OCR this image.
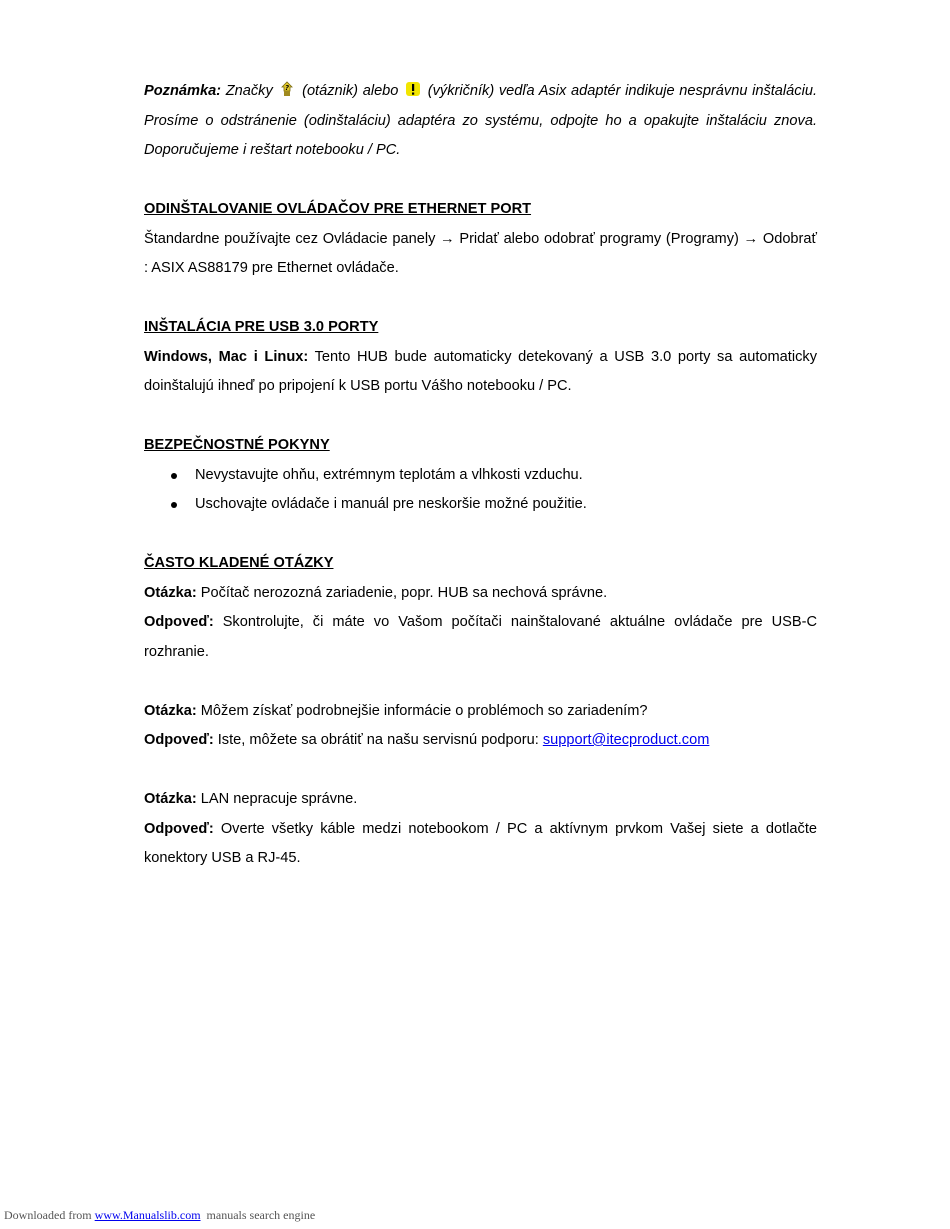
Poznámka: Značky ? (otáznik) alebo  (výkričník) vedľa Asix adaptér indikuje nesprávnu inštaláciu. Prosíme o odstránenie (odinštaláciu) adaptéra zo systému, odpojte ho a opakujte inštaláciu znova. Doporučujeme i reštart notebooku / PC.

ODINŠTALOVANIE OVLÁDAČOV PRE ETHERNET PORT

Štandardne používajte cez Ovládacie panely → Pridať alebo odobrať programy (Programy) → Odobrať : ASIX AS88179 pre Ethernet ovládače.

INŠTALÁCIA PRE USB 3.0 PORTY

Windows, Mac i Linux: Tento HUB bude automaticky detekovaný a USB 3.0 porty sa automaticky doinštalujú ihneď po pripojení k USB portu Vášho notebooku / PC.

BEZPEČNOSTNÉ POKYNY

Nevystavujte ohňu, extrémnym teplotám a vlhkosti vzduchu.
Uschovajte ovládače i manuál pre neskoršie možné použitie.

ČASTO KLADENÉ OTÁZKY

Otázka: Počítač nerozozná zariadenie, popr. HUB sa nechová správne.

Odpoveď: Skontrolujte, či máte vo Vašom počítači nainštalované aktuálne ovládače pre USB-C rozhranie.

Otázka: Môžem získať podrobnejšie informácie o problémoch so zariadením?

Odpoveď: Iste, môžete sa obrátiť na našu servisnú podporu: support@itecproduct.com

Otázka: LAN nepracuje správne.

Odpoveď: Overte všetky káble medzi notebookom / PC a aktívnym prvkom Vašej siete a dotlačte konektory USB a RJ-45.

Downloaded from www.Manualslib.com  manuals search engine
